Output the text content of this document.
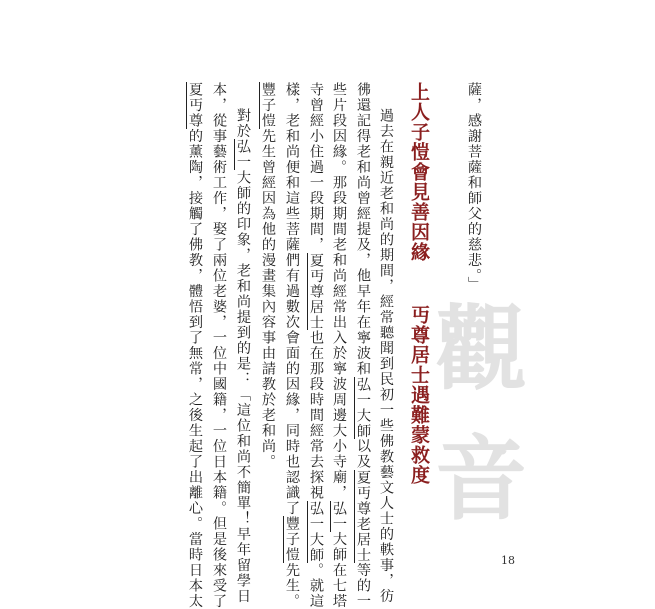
觀
音
薩，感謝菩薩和師父的慈悲。」
上人子愷會見善因緣
丏尊居士遇難蒙救度
過去在親近老和尚的期間，經常聽聞到民初一些佛教藝文人士的軼事，彷
彿還記得老和尚曾經提及，他早年在寧波和弘一大師以及夏丏尊老居士等的一
些片段因緣。那段期間老和尚經常出入於寧波周邊大小寺廟，弘一大師在七塔
寺曾經小住過一段期間，夏丏尊居士也在那段時間經常去探視弘一大師。就這
樣，老和尚便和這些菩薩們有過數次會面的因緣，同時也認識了豐子愷先生。
豐子愷先生曾經因為他的漫畫集內容事由請教於老和尚。
對於弘一大師的印象，老和尚提到的是：「這位和尚不簡單！早年留學日
本，從事藝術工作，娶了兩位老婆，一位中國籍，一位日本籍。但是後來受了
夏丏尊的薰陶，接觸了佛教，體悟到了無常，之後生起了出離心。當時日本太	18
